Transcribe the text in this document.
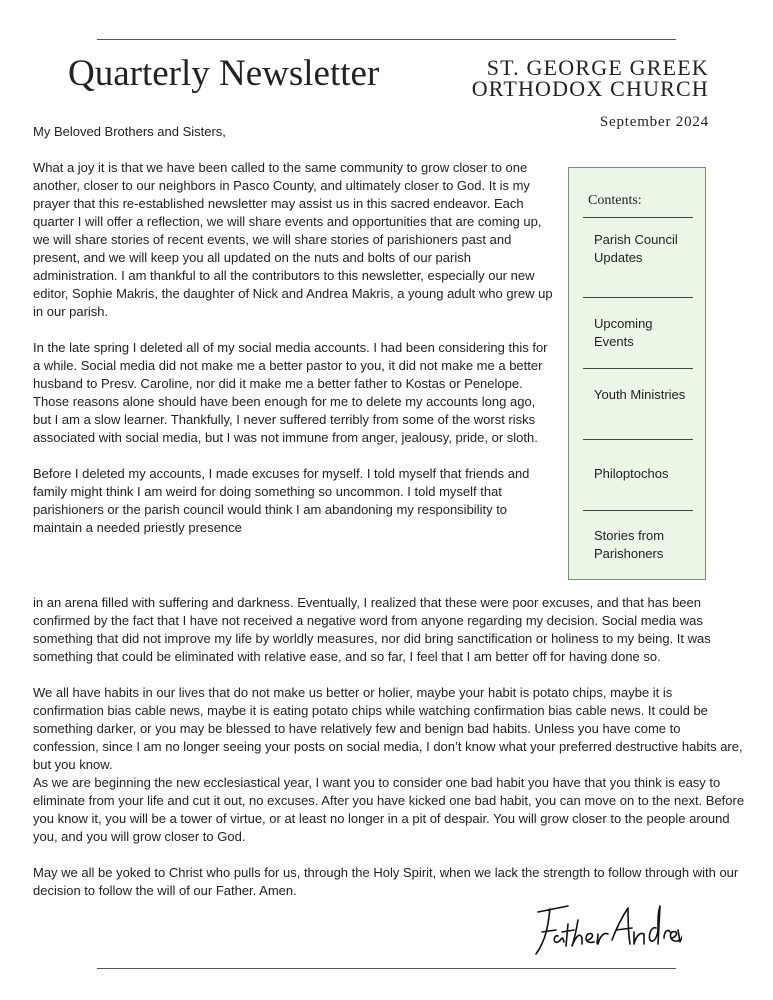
Quarterly Newsletter	ST. GEORGE GREEK
ORTHODOX CHURCH
September 2024

My Beloved Brothers and Sisters,

What a joy it is that we have been called to the same community to grow closer to one another, closer to our neighbors in Pasco County, and ultimately closer to God. It is my prayer that this re-established newsletter may assist us in this sacred endeavor. Each quarter I will offer a reflection, we will share events and opportunities that are coming up, we will share stories of recent events, we will share stories of parishioners past and present, and we will keep you all updated on the nuts and bolts of our parish administration. I am thankful to all the contributors to this newsletter, especially our new editor, Sophie Makris, the daughter of Nick and Andrea Makris, a young adult who grew up in our parish.

In the late spring I deleted all of my social media accounts. I had been considering this for a while. Social media did not make me a better pastor to you, it did not make me a better husband to Presv. Caroline, nor did it make me a better father to Kostas or Penelope. Those reasons alone should have been enough for me to delete my accounts long ago, but I am a slow learner. Thankfully, I never suffered terribly from some of the worst risks associated with social media, but I was not immune from anger, jealousy, pride, or sloth.

Before I deleted my accounts, I made excuses for myself. I told myself that friends and family might think I am weird for doing something so uncommon. I told myself that parishioners or the parish council would think I am abandoning my responsibility to maintain a needed priestly presence

Contents:
Parish Council Updates
Upcoming Events
Youth Ministries
Philoptochos
Stories from Parishoners

in an arena filled with suffering and darkness. Eventually, I realized that these were poor excuses, and that has been confirmed by the fact that I have not received a negative word from anyone regarding my decision. Social media was something that did not improve my life by worldly measures, nor did bring sanctification or holiness to my being. It was something that could be eliminated with relative ease, and so far, I feel that I am better off for having done so.

We all have habits in our lives that do not make us better or holier, maybe your habit is potato chips, maybe it is confirmation bias cable news, maybe it is eating potato chips while watching confirmation bias cable news. It could be something darker, or you may be blessed to have relatively few and benign bad habits. Unless you have come to confession, since I am no longer seeing your posts on social media, I don’t know what your preferred destructive habits are, but you know.

As we are beginning the new ecclesiastical year, I want you to consider one bad habit you have that you think is easy to eliminate from your life and cut it out, no excuses. After you have kicked one bad habit, you can move on to the next. Before you know it, you will be a tower of virtue, or at least no longer in a pit of despair. You will grow closer to the people around you, and you will grow closer to God.

May we all be yoked to Christ who pulls for us, through the Holy Spirit, when we lack the strength to follow through with our decision to follow the will of our Father. Amen.
